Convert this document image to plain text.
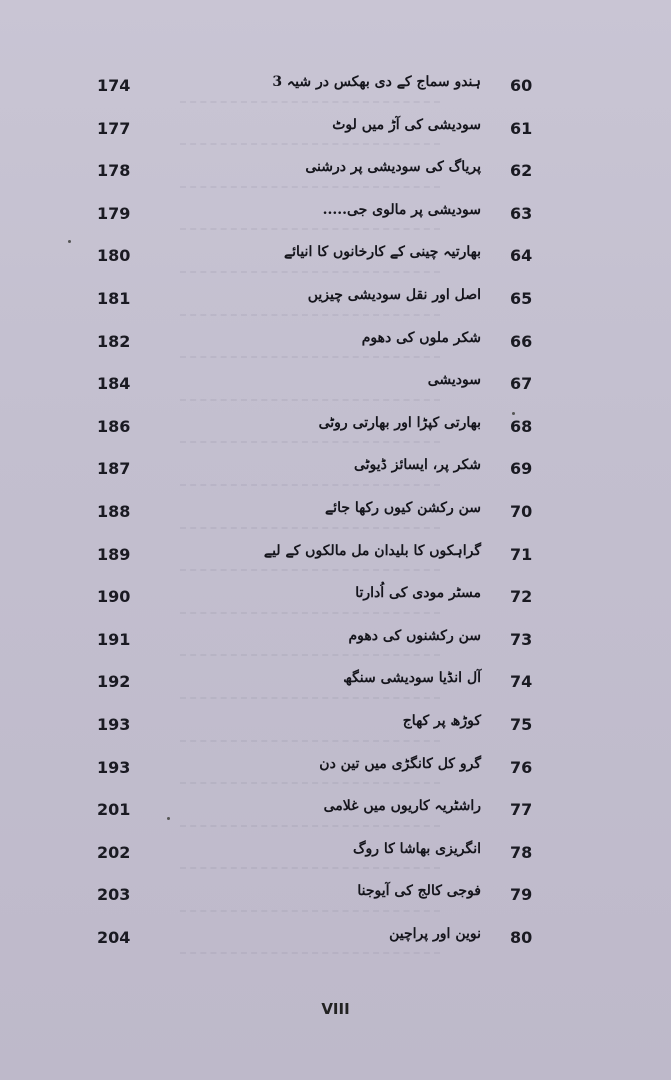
174	ہندو سماج کے دی بھکس در شیہ 3 60
177	سودیشی کی آڑ میں لوٹ 61
178	پریاگ کی سودیشی پر درشنی 62
179	سودیشی پر مالوی جی..... 63
180	بھارتیہ چینی کے کارخانوں کا انیائے 64
181	اصل اور نقل سودیشی چیزیں 65
182	شکر ملوں کی دھوم 66
184	سودیشی 67
186	بھارتی کپڑا اور بھارتی روٹی 68
187	شکر پر، ایسائز ڈیوٹی 69
188	سن رکشن کیوں رکھا جائے 70
189	گراہکوں کا بلیدان مل مالکوں کے لیے 71
190	مسٹر مودی کی اُدارتا 72
191	سن رکشنوں کی دھوم 73
192	آل انڈیا سودیشی سنگھ 74
193	کوڑھ پر کھاج 75
193	گرو کل کانگڑی میں تین دن 76
201	راشٹریہ کاریوں میں غلامی 77
202	انگریزی بھاشا کا روگ 78
203	فوجی کالج کی آیوجنا 79
204	نوین اور پراچین 80
VIII
